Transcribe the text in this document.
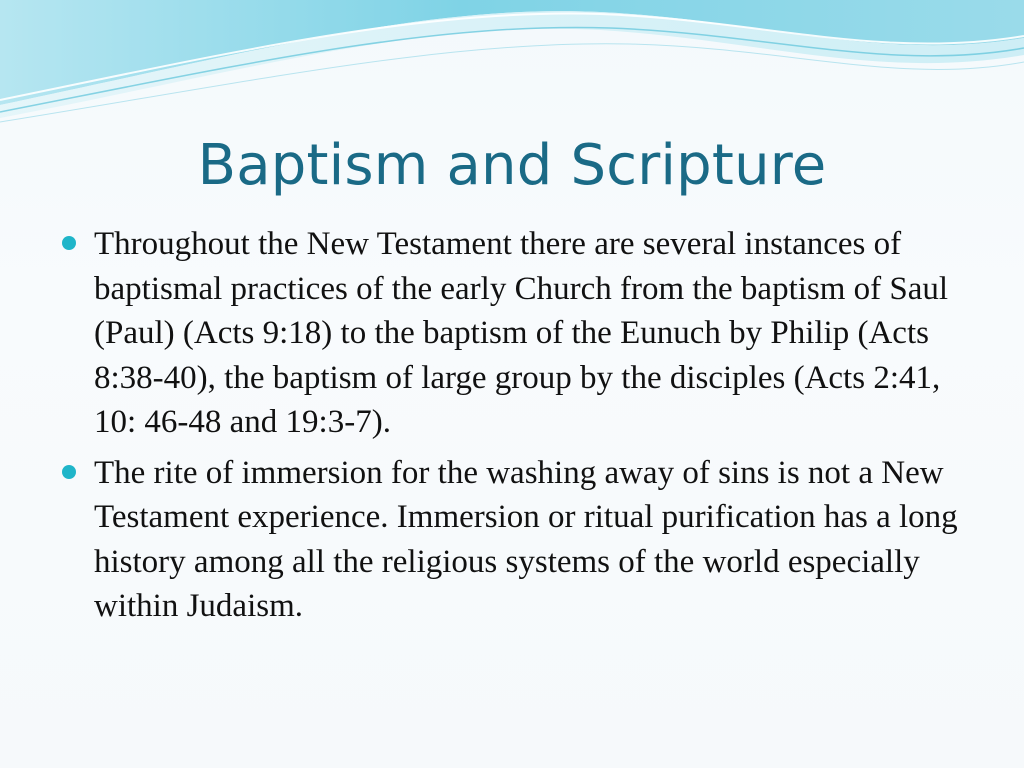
Baptism and Scripture
Throughout the New Testament there are several instances of baptismal practices of the early Church from the baptism of Saul (Paul) (Acts 9:18) to the baptism of the Eunuch by Philip (Acts 8:38-40), the baptism of large group by the disciples (Acts 2:41, 10: 46-48 and 19:3-7).
The rite of immersion for the washing away of sins is not a New Testament experience. Immersion or ritual purification has a long history among all the religious systems of the world especially within Judaism.
